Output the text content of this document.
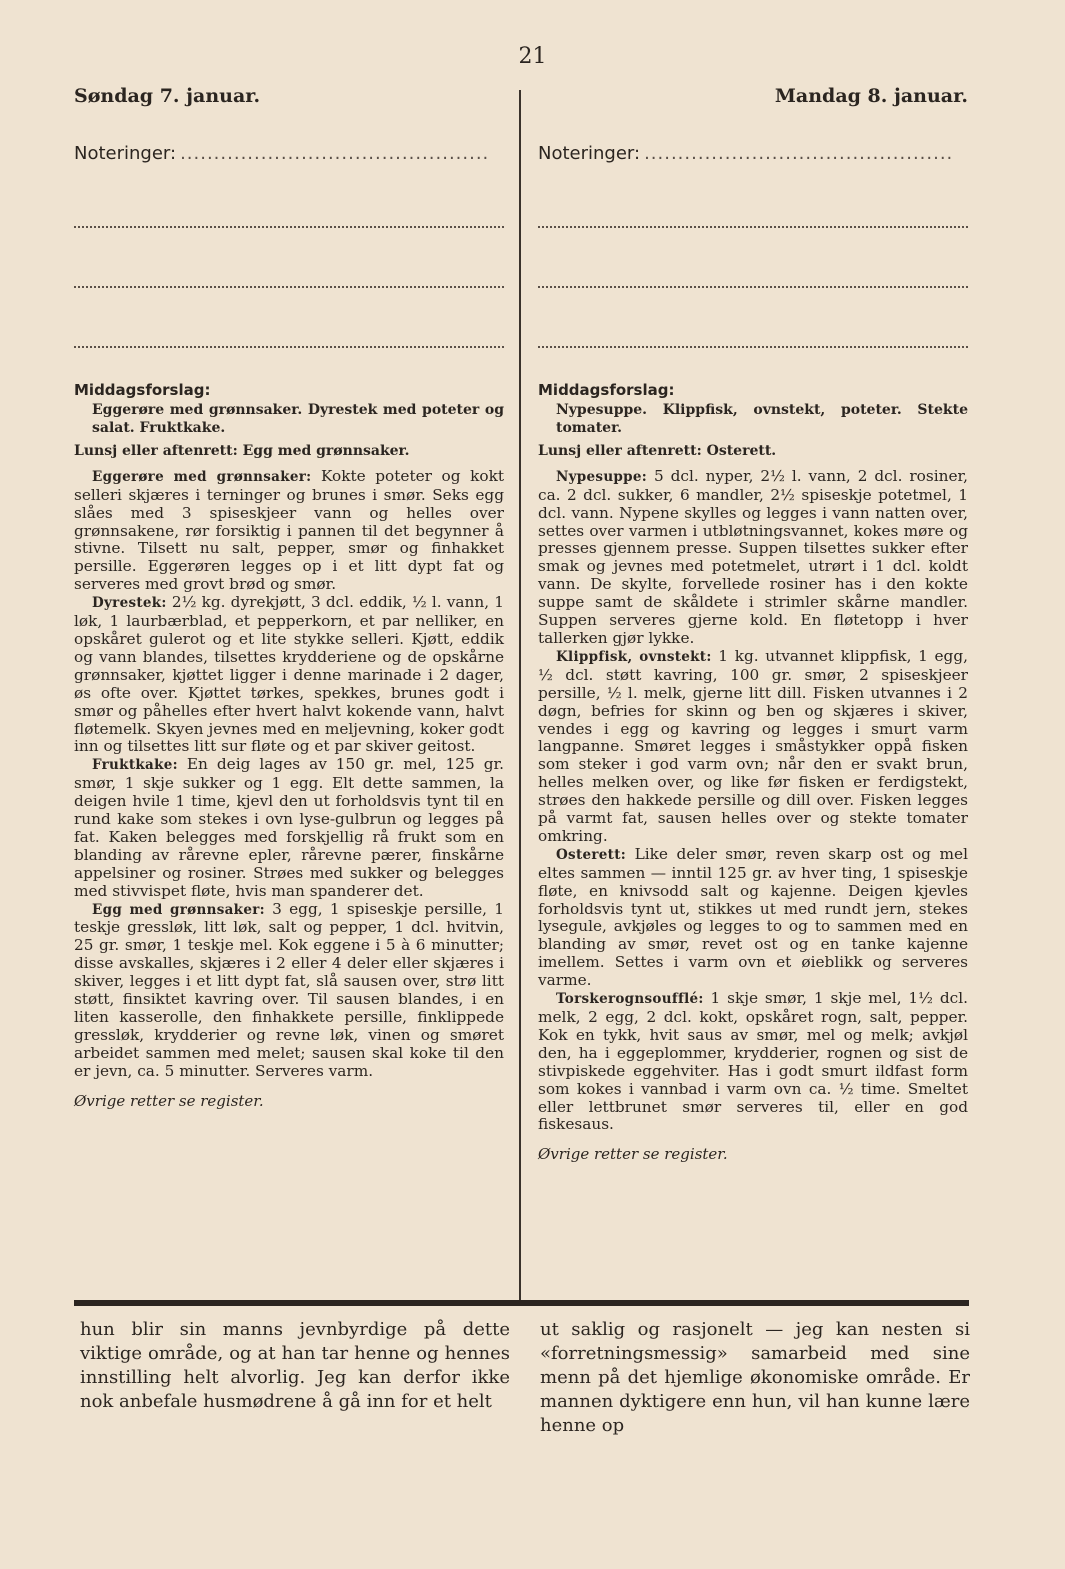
21
Søndag 7. januar.
Noteringer: ..............................................
Middagsforslag:
Eggerøre med grønnsaker. Dyrestek med poteter og salat. Fruktkake.
Lunsj eller aftenrett: Egg med grønnsaker.
Eggerøre med grønnsaker: Kokte poteter og kokt selleri skjæres i terninger og brunes i smør. Seks egg slåes med 3 spiseskjeer vann og helles over grønnsakene, rør forsiktig i pannen til det begynner å stivne. Tilsett nu salt, pepper, smør og finhakket persille. Eggerøren legges op i et litt dypt fat og serveres med grovt brød og smør.
Dyrestek: 2½ kg. dyrekjøtt, 3 dcl. eddik, ½ l. vann, 1 løk, 1 laurbærblad, et pepperkorn, et par nelliker, en opskåret gulerot og et lite stykke selleri. Kjøtt, eddik og vann blandes, tilsettes krydderiene og de opskårne grønnsaker, kjøttet ligger i denne marinade i 2 dager, øs ofte over. Kjøttet tørkes, spekkes, brunes godt i smør og påhelles efter hvert halvt kokende vann, halvt fløtemelk. Skyen jevnes med en meljevning, koker godt inn og tilsettes litt sur fløte og et par skiver geitost.
Fruktkake: En deig lages av 150 gr. mel, 125 gr. smør, 1 skje sukker og 1 egg. Elt dette sammen, la deigen hvile 1 time, kjevl den ut forholdsvis tynt til en rund kake som stekes i ovn lyse-gulbrun og legges på fat. Kaken belegges med forskjellig rå frukt som en blanding av rårevne epler, rårevne pærer, finskårne appelsiner og rosiner. Strøes med sukker og belegges med stivvispet fløte, hvis man spanderer det.
Egg med grønnsaker: 3 egg, 1 spiseskje persille, 1 teskje gressløk, litt løk, salt og pepper, 1 dcl. hvitvin, 25 gr. smør, 1 teskje mel. Kok eggene i 5 à 6 minutter; disse avskalles, skjæres i 2 eller 4 deler eller skjæres i skiver, legges i et litt dypt fat, slå sausen over, strø litt støtt, finsiktet kavring over. Til sausen blandes, i en liten kasserolle, den finhakkete persille, finklippede gressløk, krydderier og revne løk, vinen og smøret arbeidet sammen med melet; sausen skal koke til den er jevn, ca. 5 minutter. Serveres varm.
Øvrige retter se register.
Mandag 8. januar.
Noteringer: ..............................................
Middagsforslag:
Nypesuppe. Klippfisk, ovnstekt, poteter. Stekte tomater.
Lunsj eller aftenrett: Osterett.
Nypesuppe: 5 dcl. nyper, 2½ l. vann, 2 dcl. rosiner, ca. 2 dcl. sukker, 6 mandler, 2½ spiseskje potetmel, 1 dcl. vann. Nypene skylles og legges i vann natten over, settes over varmen i utbløtningsvannet, kokes møre og presses gjennem presse. Suppen tilsettes sukker efter smak og jevnes med potetmelet, utrørt i 1 dcl. koldt vann. De skylte, forvellede rosiner has i den kokte suppe samt de skåldete i strimler skårne mandler. Suppen serveres gjerne kold. En fløtetopp i hver tallerken gjør lykke.
Klippfisk, ovnstekt: 1 kg. utvannet klippfisk, 1 egg, ½ dcl. støtt kavring, 100 gr. smør, 2 spiseskjeer persille, ½ l. melk, gjerne litt dill. Fisken utvannes i 2 døgn, befries for skinn og ben og skjæres i skiver, vendes i egg og kavring og legges i smurt varm langpanne. Smøret legges i småstykker oppå fisken som steker i god varm ovn; når den er svakt brun, helles melken over, og like før fisken er ferdigstekt, strøes den hakkede persille og dill over. Fisken legges på varmt fat, sausen helles over og stekte tomater omkring.
Osterett: Like deler smør, reven skarp ost og mel eltes sammen — inntil 125 gr. av hver ting, 1 spiseskje fløte, en knivsodd salt og kajenne. Deigen kjevles forholdsvis tynt ut, stikkes ut med rundt jern, stekes lysegule, avkjøles og legges to og to sammen med en blanding av smør, revet ost og en tanke kajenne imellem. Settes i varm ovn et øieblikk og serveres varme.
Torskerognsoufflé: 1 skje smør, 1 skje mel, 1½ dcl. melk, 2 egg, 2 dcl. kokt, opskåret rogn, salt, pepper. Kok en tykk, hvit saus av smør, mel og melk; avkjøl den, ha i eggeplommer, krydderier, rognen og sist de stivpiskede eggehviter. Has i godt smurt ildfast form som kokes i vannbad i varm ovn ca. ½ time. Smeltet eller lettbrunet smør serveres til, eller en god fiskesaus.
Øvrige retter se register.
hun blir sin manns jevnbyrdige på dette viktige område, og at han tar henne og hennes innstilling helt alvorlig. Jeg kan derfor ikke nok anbefale husmødrene å gå inn for et helt
ut saklig og rasjonelt — jeg kan nesten si «forretningsmessig» samarbeid med sine menn på det hjemlige økonomiske område. Er mannen dyktigere enn hun, vil han kunne lære henne op
